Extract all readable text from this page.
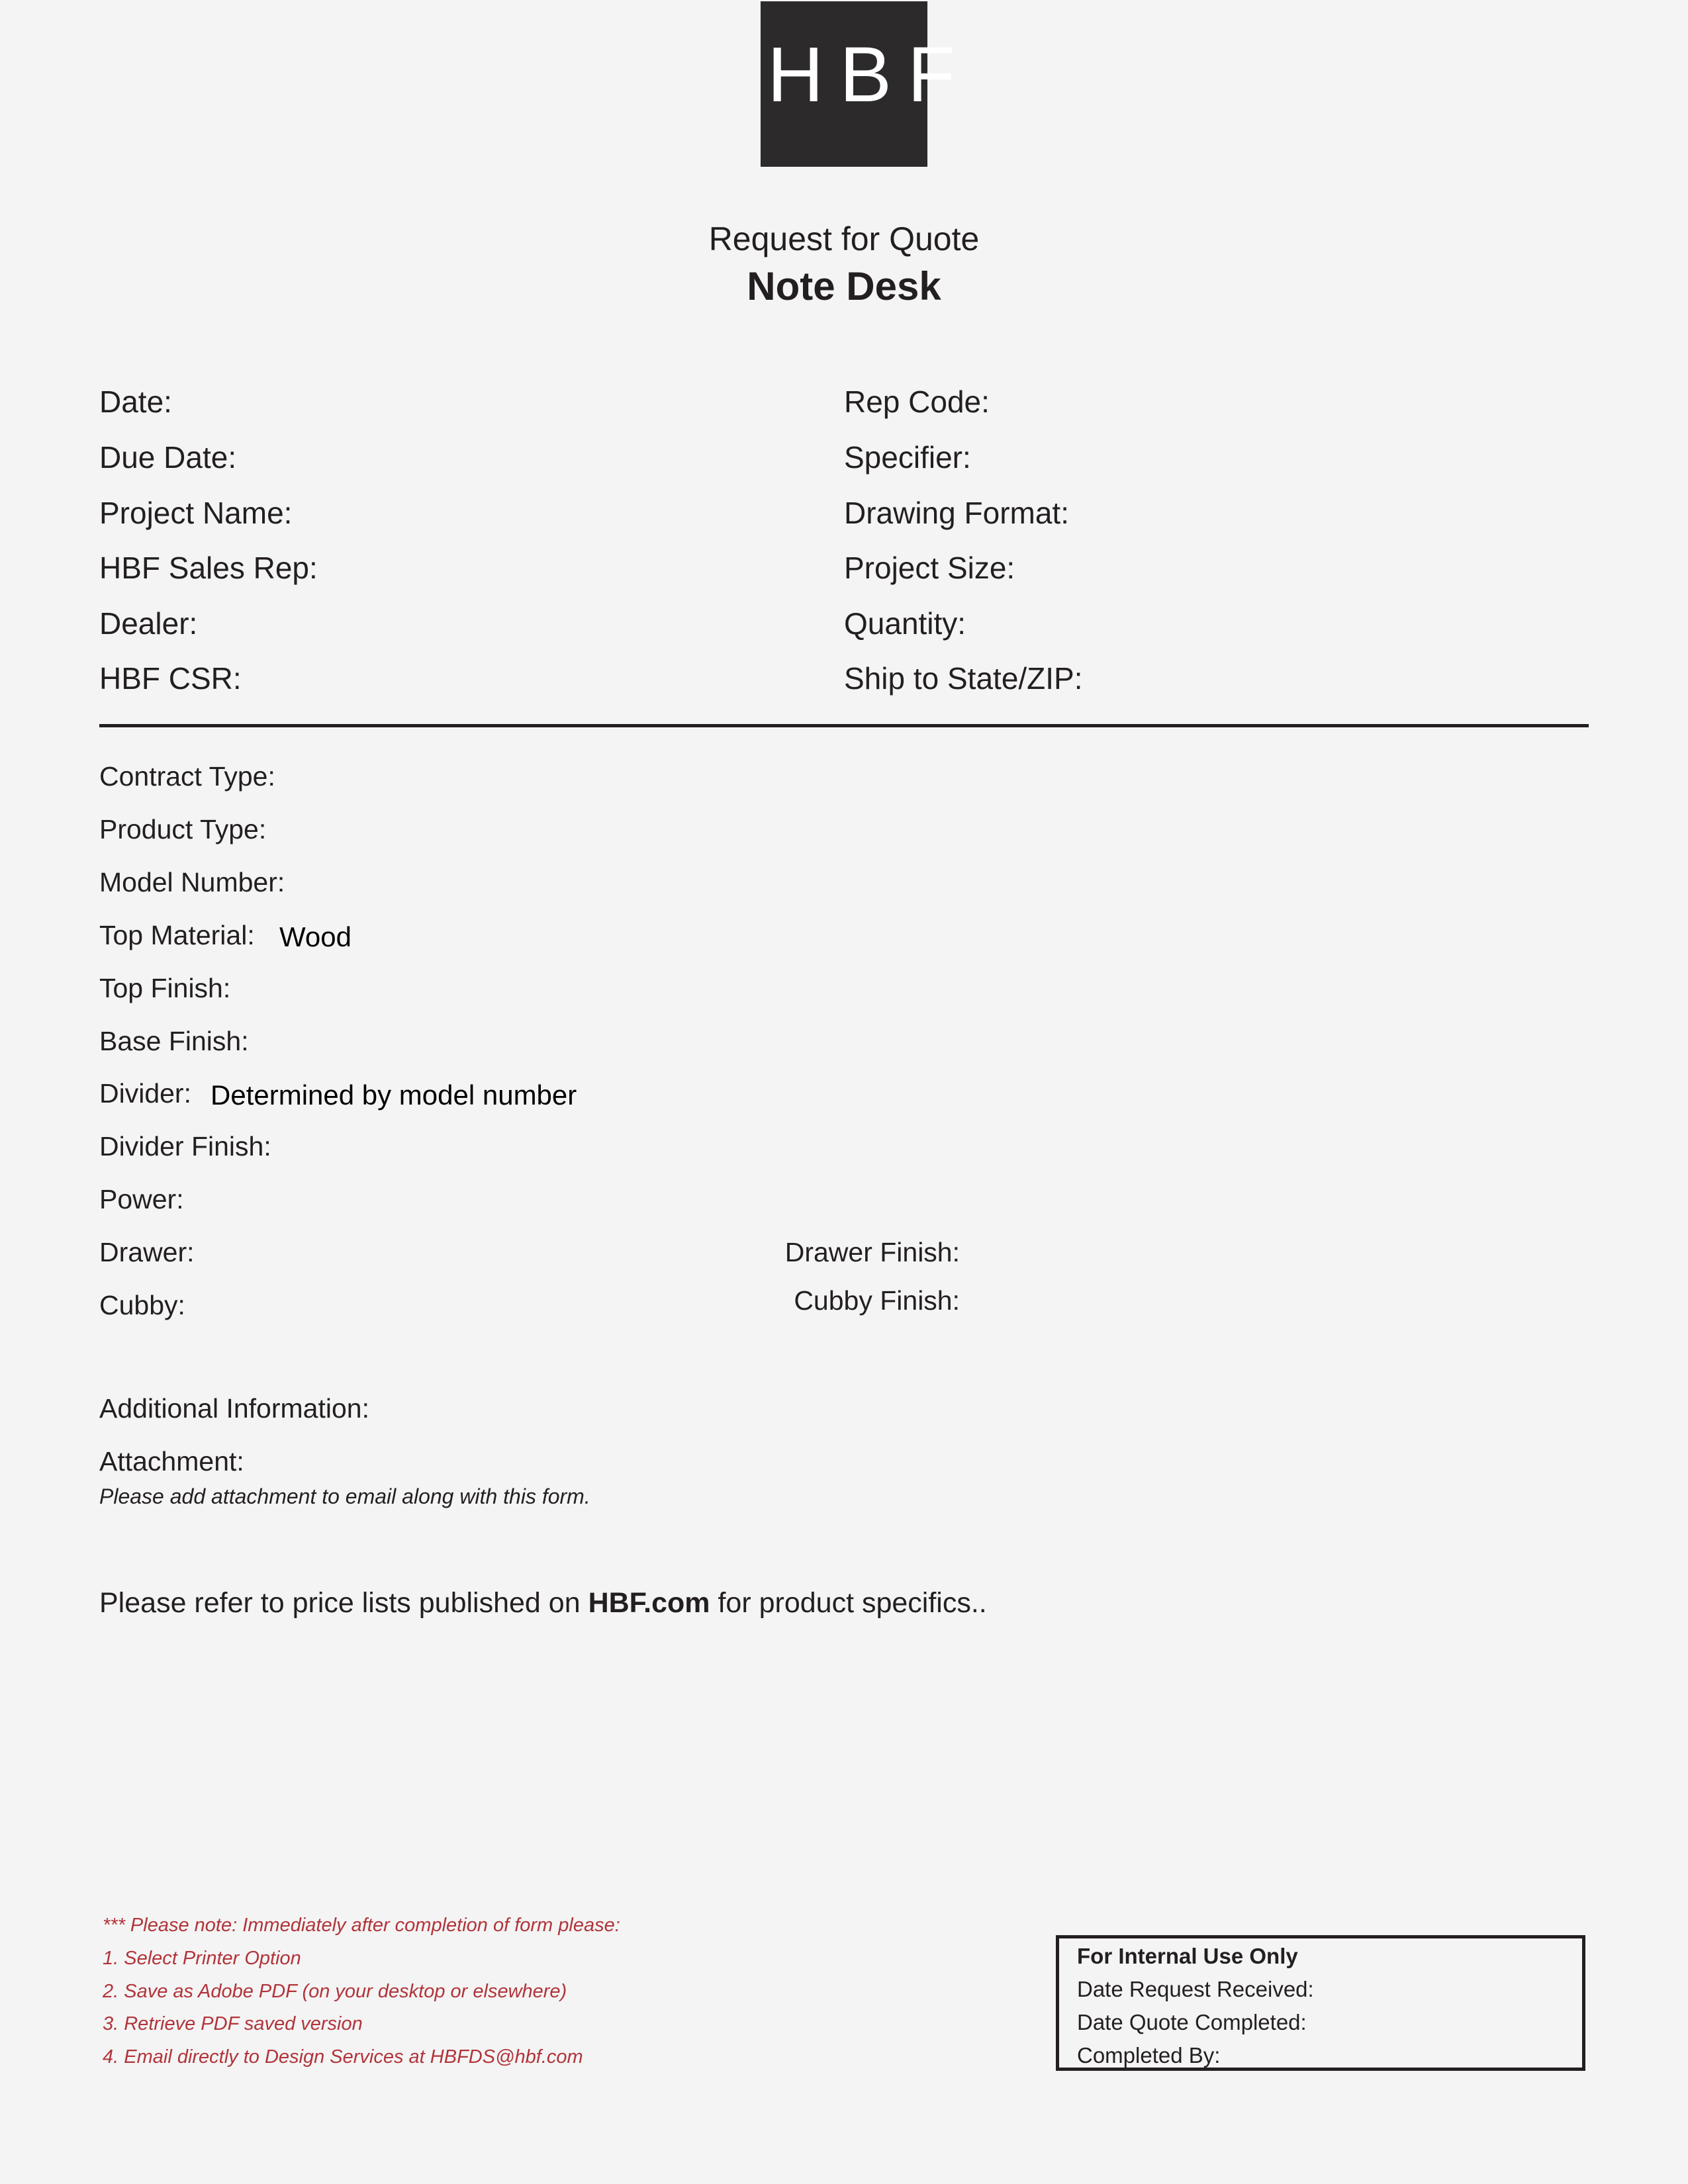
HBF
Request for Quote
Note Desk
Date:
Due Date:
Project Name:
HBF Sales Rep:
Dealer:
HBF CSR:
Rep Code:
Specifier:
Drawing Format:
Project Size:
Quantity:
Ship to State/ZIP:
Contract Type:
Product Type:
Model Number:
Top Material: Wood
Top Finish:
Base Finish:
Divider: Determined by model number
Divider Finish:
Power:
Drawer:
Cubby:
Drawer Finish:
Cubby Finish:
Additional Information:
Attachment:
Please add attachment to email along with this form.
Please refer to price lists published on HBF.com for product specifics..
*** Please note: Immediately after completion of form please:
1. Select Printer Option
2. Save as Adobe PDF (on your desktop or elsewhere)
3. Retrieve PDF saved version
4. Email directly to Design Services at HBFDS@hbf.com
For Internal Use Only
Date Request Received:
Date Quote Completed:
Completed By:
